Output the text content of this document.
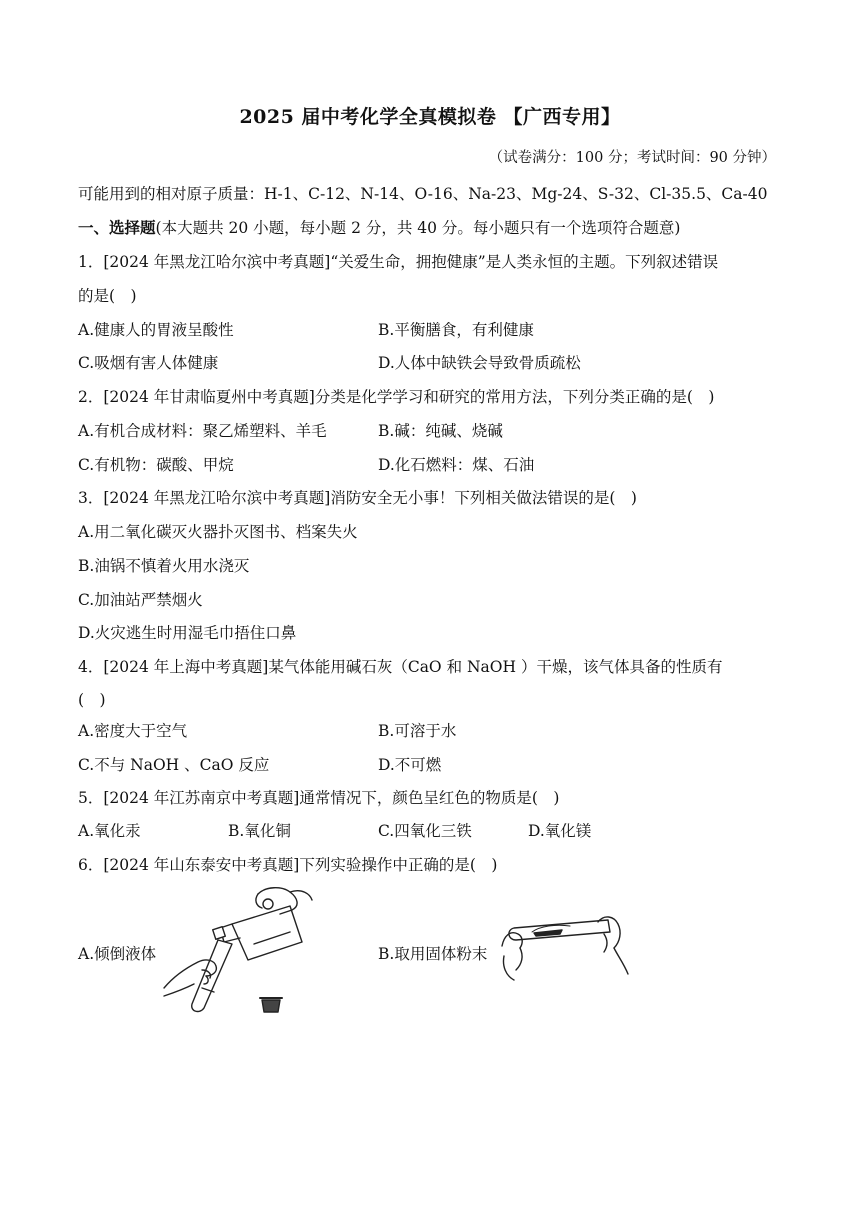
2025 届中考化学全真模拟卷 【广西专用】
（试卷满分：100 分；考试时间：90 分钟）
可能用到的相对原子质量：H-1、C-12、N-14、O-16、Na-23、Mg-24、S-32、Cl-35.5、Ca-40
一、选择题(本大题共 20 小题，每小题 2 分，共 40 分。每小题只有一个选项符合题意)
1．[2024 年黑龙江哈尔滨中考真题]“关爱生命，拥抱健康”是人类永恒的主题。下列叙述错误
的是(　)
A.健康人的胃液呈酸性	B.平衡膳食，有利健康
C.吸烟有害人体健康	D.人体中缺铁会导致骨质疏松
2．[2024 年甘肃临夏州中考真题]分类是化学学习和研究的常用方法，下列分类正确的是(　)
A.有机合成材料：聚乙烯塑料、羊毛	B.碱：纯碱、烧碱
C.有机物：碳酸、甲烷	D.化石燃料：煤、石油
3．[2024 年黑龙江哈尔滨中考真题]消防安全无小事！下列相关做法错误的是(　)
A.用二氧化碳灭火器扑灭图书、档案失火
B.油锅不慎着火用水浇灭
C.加油站严禁烟火
D.火灾逃生时用湿毛巾捂住口鼻
4．[2024 年上海中考真题]某气体能用碱石灰（CaO 和 NaOH ）干燥，该气体具备的性质有
(　)
A.密度大于空气	B.可溶于水
C.不与 NaOH 、CaO 反应	D.不可燃
5．[2024 年江苏南京中考真题]通常情况下，颜色呈红色的物质是(　)
A.氧化汞	B.氧化铜	C.四氧化三铁	D.氧化镁
6．[2024 年山东泰安中考真题]下列实验操作中正确的是(　)
A.倾倒液体	B.取用固体粉末
